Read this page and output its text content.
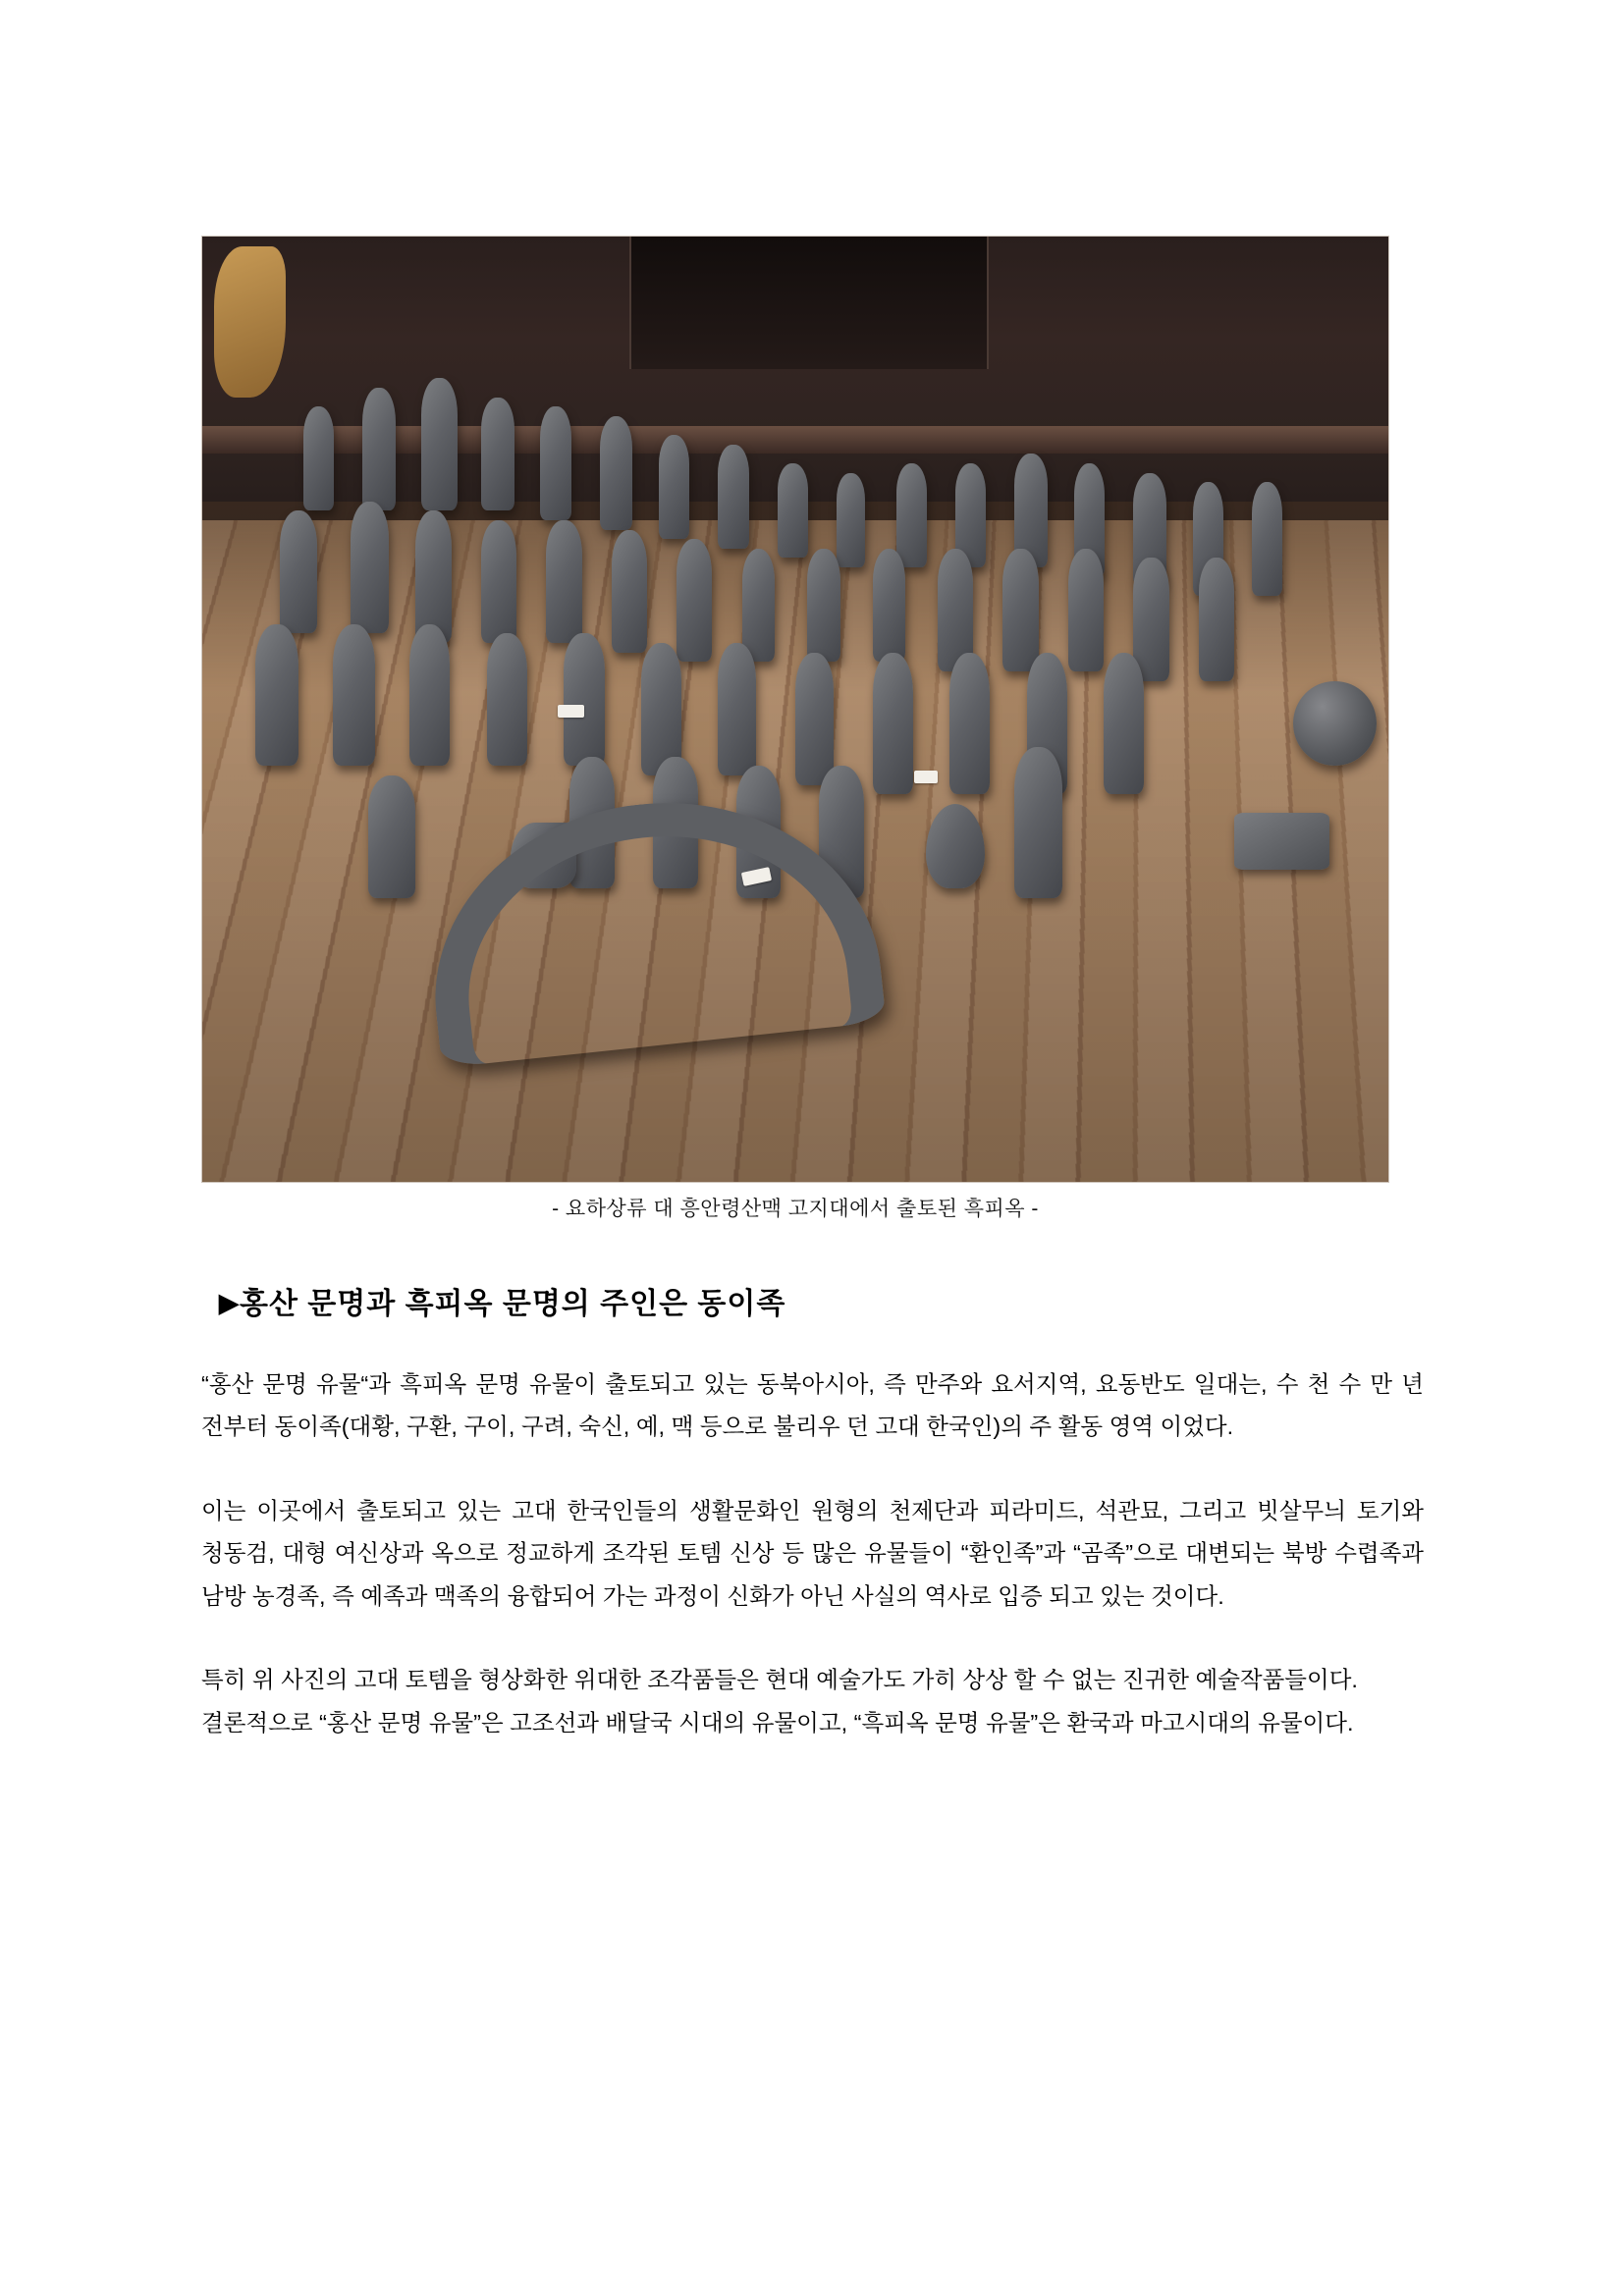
- 요하상류 대 흥안령산맥 고지대에서 출토된 흑피옥 -
▶홍산 문명과 흑피옥 문명의 주인은 동이족

“홍산 문명 유물“과 흑피옥 문명 유물이 출토되고 있는 동북아시아, 즉 만주와 요서지역, 요동반도 일대는, 수 천 수 만 년 전부터 동이족(대황, 구환, 구이, 구려, 숙신, 예, 맥 등으로 불리우 던 고대 한국인)의 주 활동 영역 이었다.

이는 이곳에서 출토되고 있는 고대 한국인들의 생활문화인 원형의 천제단과 피라미드, 석관묘, 그리고 빗살무늬 토기와 청동검, 대형 여신상과 옥으로 정교하게 조각된 토템 신상 등 많은 유물들이 “환인족”과 “곰족”으로 대변되는 북방 수렵족과 남방 농경족, 즉 예족과 맥족의 융합되어 가는 과정이 신화가 아닌 사실의 역사로 입증 되고 있는 것이다.

특히 위 사진의 고대 토템을 형상화한 위대한 조각품들은 현대 예술가도 가히 상상 할 수 없는 진귀한 예술작품들이다.

결론적으로 “홍산 문명 유물”은 고조선과 배달국 시대의 유물이고, “흑피옥 문명 유물”은 환국과 마고시대의 유물이다.
